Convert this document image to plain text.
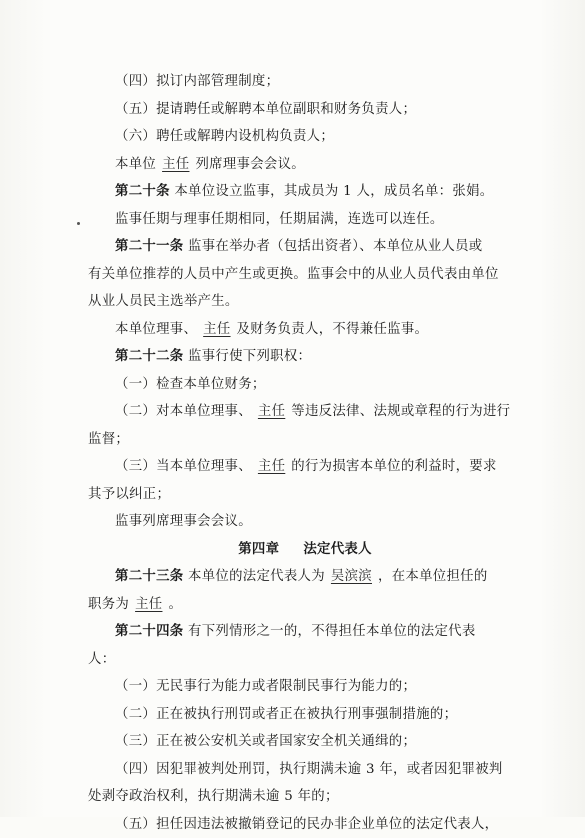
（四）拟订内部管理制度；

（五）提请聘任或解聘本单位副职和财务负责人；

（六）聘任或解聘内设机构负责人；

本单位 主任 列席理事会会议。

第二十条 本单位设立监事，其成员为 1 人，成员名单：张娟。

监事任期与理事任期相同，任期届满，连选可以连任。

第二十一条 监事在举办者（包括出资者）、本单位从业人员或

有关单位推荐的人员中产生或更换。监事会中的从业人员代表由单位

从业人员民主选举产生。

本单位理事、 主任 及财务负责人，不得兼任监事。

第二十二条 监事行使下列职权：

（一）检查本单位财务；

（二）对本单位理事、 主任 等违反法律、法规或章程的行为进行

监督；

（三）当本单位理事、 主任 的行为损害本单位的利益时，要求

其予以纠正；

监事列席理事会会议。

第四章 法定代表人

第二十三条 本单位的法定代表人为 吴滨滨 ，在本单位担任的

职务为 主任 。

第二十四条 有下列情形之一的，不得担任本单位的法定代表

人：

（一）无民事行为能力或者限制民事行为能力的；

（二）正在被执行刑罚或者正在被执行刑事强制措施的；

（三）正在被公安机关或者国家安全机关通缉的；

（四）因犯罪被判处刑罚，执行期满未逾 3 年，或者因犯罪被判

处剥夺政治权利，执行期满未逾 5 年的；

（五）担任因违法被撤销登记的民办非企业单位的法定代表人，
